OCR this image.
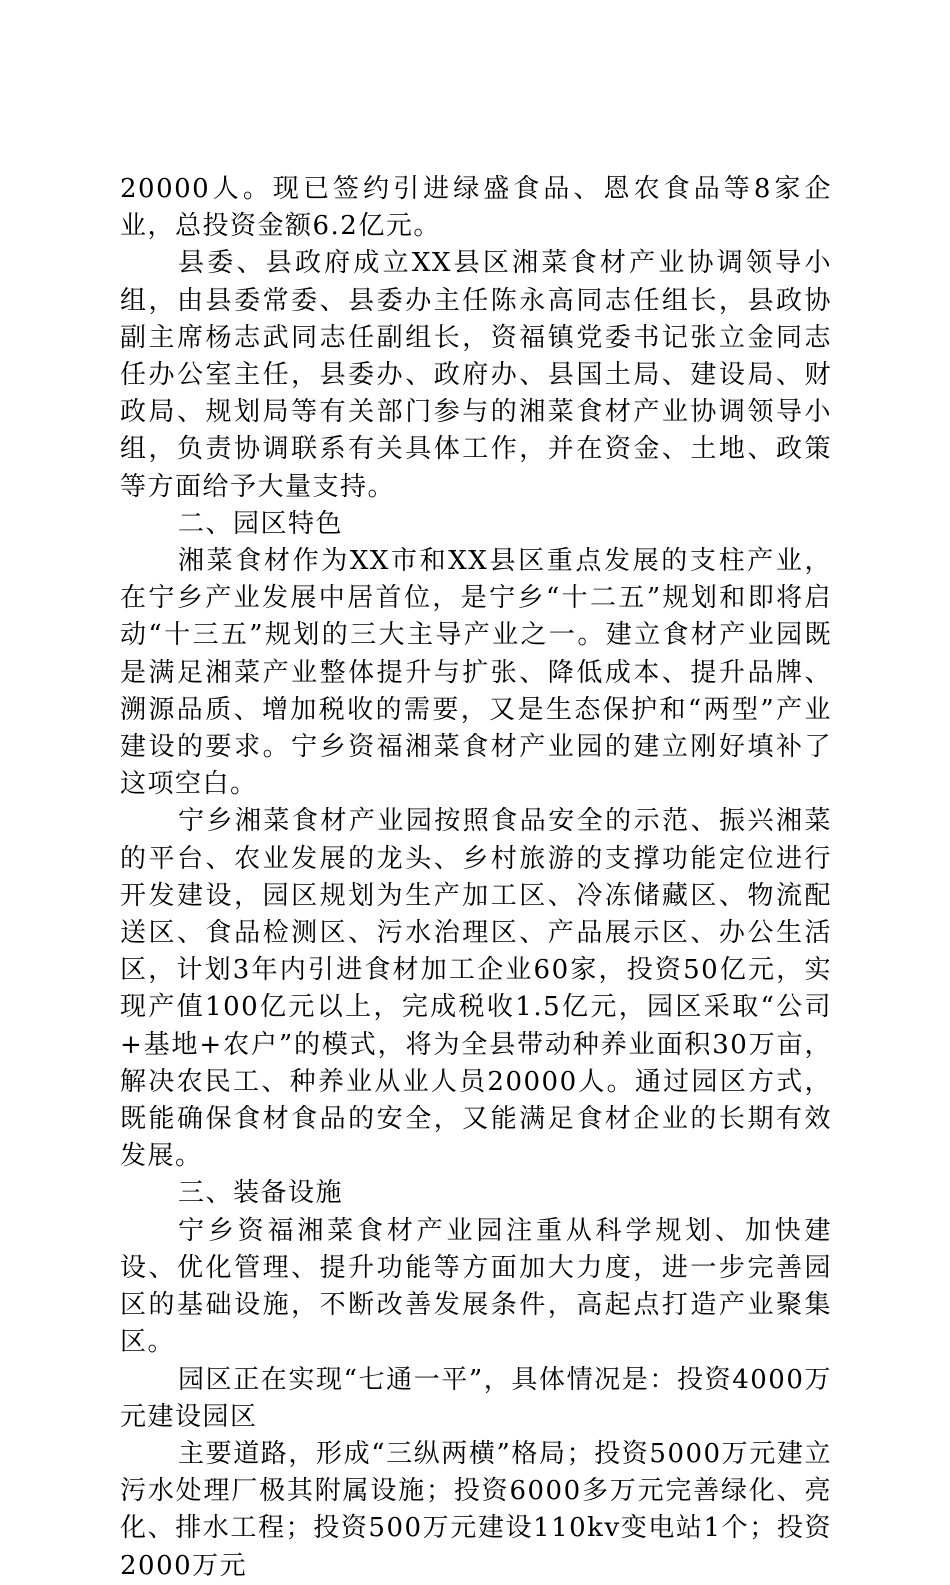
20000人。现已签约引进绿盛食品、恩农食品等8家企业，总投资金额6.2亿元。

县委、县政府成立XX县区湘菜食材产业协调领导小组，由县委常委、县委办主任陈永高同志任组长，县政协副主席杨志武同志任副组长，资福镇党委书记张立金同志任办公室主任，县委办、政府办、县国土局、建设局、财政局、规划局等有关部门参与的湘菜食材产业协调领导小组，负责协调联系有关具体工作，并在资金、土地、政策等方面给予大量支持。

二、园区特色

湘菜食材作为XX市和XX县区重点发展的支柱产业，在宁乡产业发展中居首位，是宁乡“十二五”规划和即将启动“十三五”规划的三大主导产业之一。建立食材产业园既是满足湘菜产业整体提升与扩张、降低成本、提升品牌、溯源品质、增加税收的需要，又是生态保护和“两型”产业建设的要求。宁乡资福湘菜食材产业园的建立刚好填补了这项空白。

宁乡湘菜食材产业园按照食品安全的示范、振兴湘菜的平台、农业发展的龙头、乡村旅游的支撑功能定位进行开发建设，园区规划为生产加工区、冷冻储藏区、物流配送区、食品检测区、污水治理区、产品展示区、办公生活区，计划3年内引进食材加工企业60家，投资50亿元，实现产值100亿元以上，完成税收1.5亿元，园区采取“公司+基地+农户”的模式，将为全县带动种养业面积30万亩，解决农民工、种养业从业人员20000人。通过园区方式，既能确保食材食品的安全，又能满足食材企业的长期有效发展。

三、装备设施

宁乡资福湘菜食材产业园注重从科学规划、加快建设、优化管理、提升功能等方面加大力度，进一步完善园区的基础设施，不断改善发展条件，高起点打造产业聚集区。

园区正在实现“七通一平”，具体情况是：投资4000万元建设园区

主要道路，形成“三纵两横”格局；投资5000万元建立污水处理厂极其附属设施；投资6000多万元完善绿化、亮化、排水工程；投资500万元建设110kv变电站1个；投资2000万元
